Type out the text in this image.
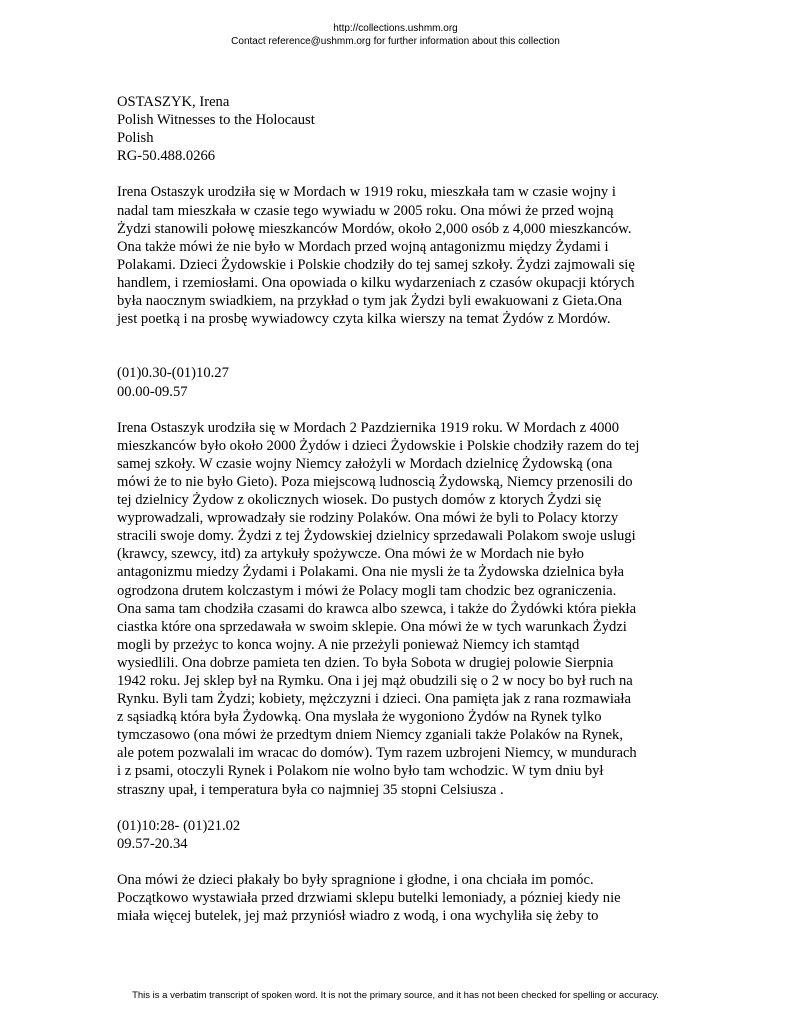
http://collections.ushmm.org
Contact reference@ushmm.org for further information about this collection
OSTASZYK, Irena
Polish Witnesses to the Holocaust
Polish
RG-50.488.0266
Irena Ostaszyk urodziła się w Mordach w 1919 roku, mieszkała tam w czasie wojny i
nadal tam mieszkała w czasie tego wywiadu w 2005 roku. Ona mówi że przed wojną
Żydzi stanowili połowę mieszkanców Mordów, około 2,000 osób z 4,000 mieszkanców.
Ona także mówi że nie było w Mordach przed wojną antagonizmu między Żydami i
Polakami. Dzieci Żydowskie i Polskie chodziły do tej samej szkoły. Żydzi zajmowali się
handlem, i rzemiosłami. Ona opowiada o kilku wydarzeniach z czasów okupacji których
była naocznym swiadkiem, na przykład o tym jak Żydzi byli ewakuowani z Gieta.Ona
jest poetką i na prosbę wywiadowcy czyta kilka wierszy na temat Żydów z Mordów.
(01)0.30-(01)10.27
00.00-09.57
Irena Ostaszyk urodziła się w Mordach 2 Pazdziernika 1919 roku. W Mordach z 4000
mieszkanców było około 2000 Żydów i dzieci Żydowskie i Polskie chodziły razem do tej
samej szkoły. W czasie wojny Niemcy założyli w Mordach dzielnicę Żydowską (ona
mówi że to nie było Gieto). Poza miejscową ludnoscią Żydowską, Niemcy przenosili do
tej dzielnicy Żydow z okolicznych wiosek. Do pustych domów z ktorych Żydzi się
wyprowadzali, wprowadzały sie rodziny Polaków. Ona mówi że byli to Polacy ktorzy
stracili swoje domy. Żydzi z tej Żydowskiej dzielnicy sprzedawali Polakom swoje uslugi
(krawcy, szewcy, itd) za artykuły spożywcze. Ona mówi że w Mordach nie było
antagonizmu miedzy Żydami i Polakami. Ona nie mysli że ta Żydowska dzielnica była
ogrodzona drutem kolczastym i mówi że Polacy mogli tam chodzic bez ograniczenia.
Ona sama tam chodziła czasami do krawca albo szewca, i także do Żydówki która piekła
ciastka które ona sprzedawała w swoim sklepie. Ona mówi że w tych warunkach Żydzi
mogli by przeżyc to konca wojny. A nie przeżyli ponieważ Niemcy ich stamtąd
wysiedlili. Ona dobrze pamieta ten dzien. To była Sobota w drugiej polowie Sierpnia
1942 roku. Jej sklep był na Rymku. Ona i jej mąż obudzili się o 2 w nocy bo był ruch na
Rynku. Byli tam Żydzi; kobiety, mężczyzni i dzieci. Ona pamięta jak z rana rozmawiała
z sąsiadką która była Żydowką. Ona myslała że wygoniono Żydów na Rynek tylko
tymczasowo (ona mówi że przedtym dniem Niemcy zganiali także Polaków na Rynek,
ale potem pozwalali im wracac do domów). Tym razem uzbrojeni Niemcy, w mundurach
i z psami, otoczyli Rynek i Polakom nie wolno było tam wchodzic. W tym dniu był
straszny upał, i temperatura była co najmniej 35 stopni Celsiusza .
(01)10:28- (01)21.02
09.57-20.34
Ona mówi że dzieci płakały bo były spragnione i głodne, i ona chciała im pomóc.
Początkowo wystawiała przed drzwiami sklepu butelki lemoniady, a pózniej kiedy nie
miała więcej butelek, jej maż przyniósł wiadro z wodą, i ona wychyliła się żeby to
This is a verbatim transcript of spoken word. It is not the primary source, and it has not been checked for spelling or accuracy.
